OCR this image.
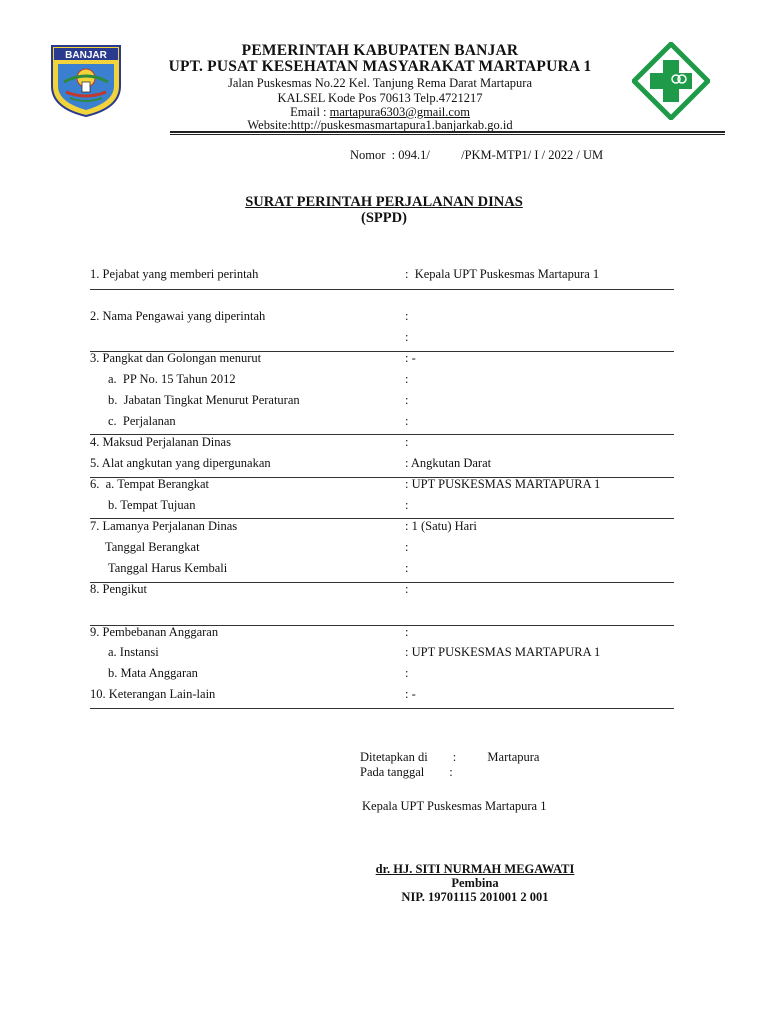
BANJAR	PEMERINTAH KABUPATEN BANJAR
UPT. PUSAT KESEHATAN MASYARAKAT MARTAPURA 1
Jalan Puskesmas No.22 Kel. Tanjung Rema Darat Martapura
KALSEL Kode Pos 70613 Telp.4721217
Email : martapura6303@gmail.com
Website:http://puskesmasmartapura1.banjarkab.go.id
Nomor  : 094.1/          /PKM-MTP1/ I / 2022 / UM
SURAT PERINTAH PERJALANAN DINAS
(SPPD)
1. Pejabat yang memberi perintah	:  Kepala UPT Puskesmas Martapura 1
2. Nama Pengawai yang diperintah	:
:
3. Pangkat dan Golongan menurut	: -
a.  PP No. 15 Tahun 2012	:
b.  Jabatan Tingkat Menurut Peraturan	:
c.  Perjalanan	:
4. Maksud Perjalanan Dinas	:
5. Alat angkutan yang dipergunakan	: Angkutan Darat
6.  a. Tempat Berangkat	: UPT PUSKESMAS MARTAPURA 1
b. Tempat Tujuan	:
7. Lamanya Perjalanan Dinas	: 1 (Satu) Hari
Tanggal Berangkat	:
Tanggal Harus Kembali	:
8. Pengikut	:
9. Pembebanan Anggaran	:
a. Instansi	: UPT PUSKESMAS MARTAPURA 1
b. Mata Anggaran	:
10. Keterangan Lain-lain	: -
Ditetapkan di        :          Martapura
Pada tanggal        :
Kepala UPT Puskesmas Martapura 1
dr. HJ. SITI NURMAH MEGAWATI
Pembina
NIP. 19701115 201001 2 001
